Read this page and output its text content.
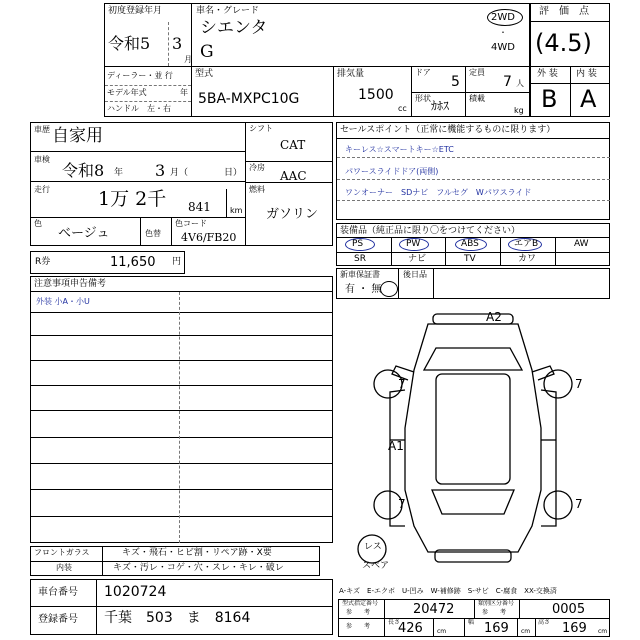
初度登録年月
令和5 3
月
車名・グレード
シエンタ
G
2WD
・
4WD
ディーラー・並 行
モデル年式	年
ハンドル　左・右
型式
5BA-MXPC10G
排気量
1500
cc
ドア
5
形状
ｶﾎｽ
定員
7 人
積載
kg
評　価　点
(4.5)
外 装 内 装
B A
車歴 自家用
車検
令和8 年 3 月（	日）
走行	1万 2千 841 km
色
ベージュ	色替
色コード
4V6/FB20
シフト
CAT
冷房
AAC
燃料
ガソリン
R券	11,650 円
セールスポイント（正常に機能するものに限ります）
キーレス☆スマートキー☆ETC
パワースライドドア(両側)
ワンオーナー　SDナビ　フルセグ　Wパワスライド
装備品（純正品に限り〇をつけてください）
PS	PW	ABS	エアB	AW
SR	ナビ	TV	カワ
新車保証書
有 ・ 無
後日品
注意事項申告備考
外装 小A・小U
A2
A1
7	7
7	7
レス
スペア
フロントガラス	キズ・飛石・ヒビ割・リペア跡・X要
内装	キズ・汚レ・コゲ・穴・スレ・キレ・破レ
車台番号 1020724
登録番号 千葉　503　ま　8164
A-キズ　E-エクボ　U-凹み　W-補修跡　S-サビ　C-腐食　XX-交換済
型式指定番号
参　　考	20472	類別区分番号
参　　考	0005
参　　考
長さ
426 cm
幅 169 cm
高さ 169 cm
